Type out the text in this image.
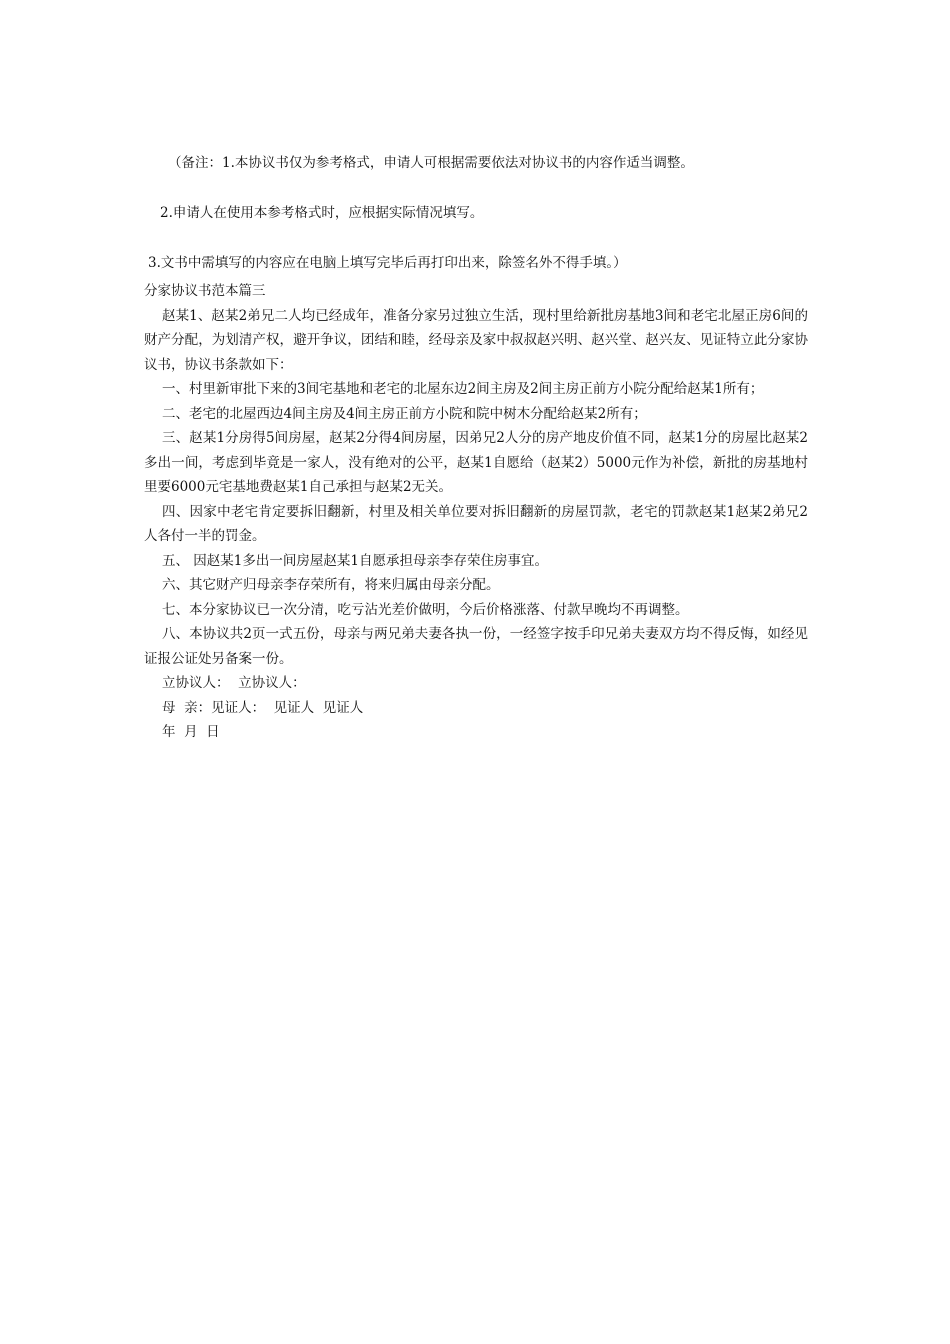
（备注：1.本协议书仅为参考格式，申请人可根据需要依法对协议书的内容作适当调整。

2.申请人在使用本参考格式时，应根据实际情况填写。

3.文书中需填写的内容应在电脑上填写完毕后再打印出来，除签名外不得手填。）

分家协议书范本篇三

赵某1、赵某2弟兄二人均已经成年，准备分家另过独立生活，现村里给新批房基地3间和老宅北屋正房6间的财产分配，为划清产权，避开争议，团结和睦，经母亲及家中叔叔赵兴明、赵兴堂、赵兴友、见证特立此分家协议书，协议书条款如下：

一、村里新审批下来的3间宅基地和老宅的北屋东边2间主房及2间主房正前方小院分配给赵某1所有；

二、老宅的北屋西边4间主房及4间主房正前方小院和院中树木分配给赵某2所有；

三、赵某1分房得5间房屋，赵某2分得4间房屋，因弟兄2人分的房产地皮价值不同，赵某1分的房屋比赵某2多出一间，考虑到毕竟是一家人，没有绝对的公平，赵某1自愿给（赵某2）5000元作为补偿，新批的房基地村里要6000元宅基地费赵某1自己承担与赵某2无关。

四、因家中老宅肯定要拆旧翻新，村里及相关单位要对拆旧翻新的房屋罚款，老宅的罚款赵某1赵某2弟兄2人各付一半的罚金。

五、 因赵某1多出一间房屋赵某1自愿承担母亲李存荣住房事宜。

六、其它财产归母亲李存荣所有，将来归属由母亲分配。

七、本分家协议已一次分清，吃亏沾光差价做明，今后价格涨落、付款早晚均不再调整。

八、本协议共2页一式五份，母亲与两兄弟夫妻各执一份，一经签字按手印兄弟夫妻双方均不得反悔，如经见证报公证处另备案一份。

立协议人：  立协议人：

母  亲：见证人：  见证人  见证人

年  月  日
